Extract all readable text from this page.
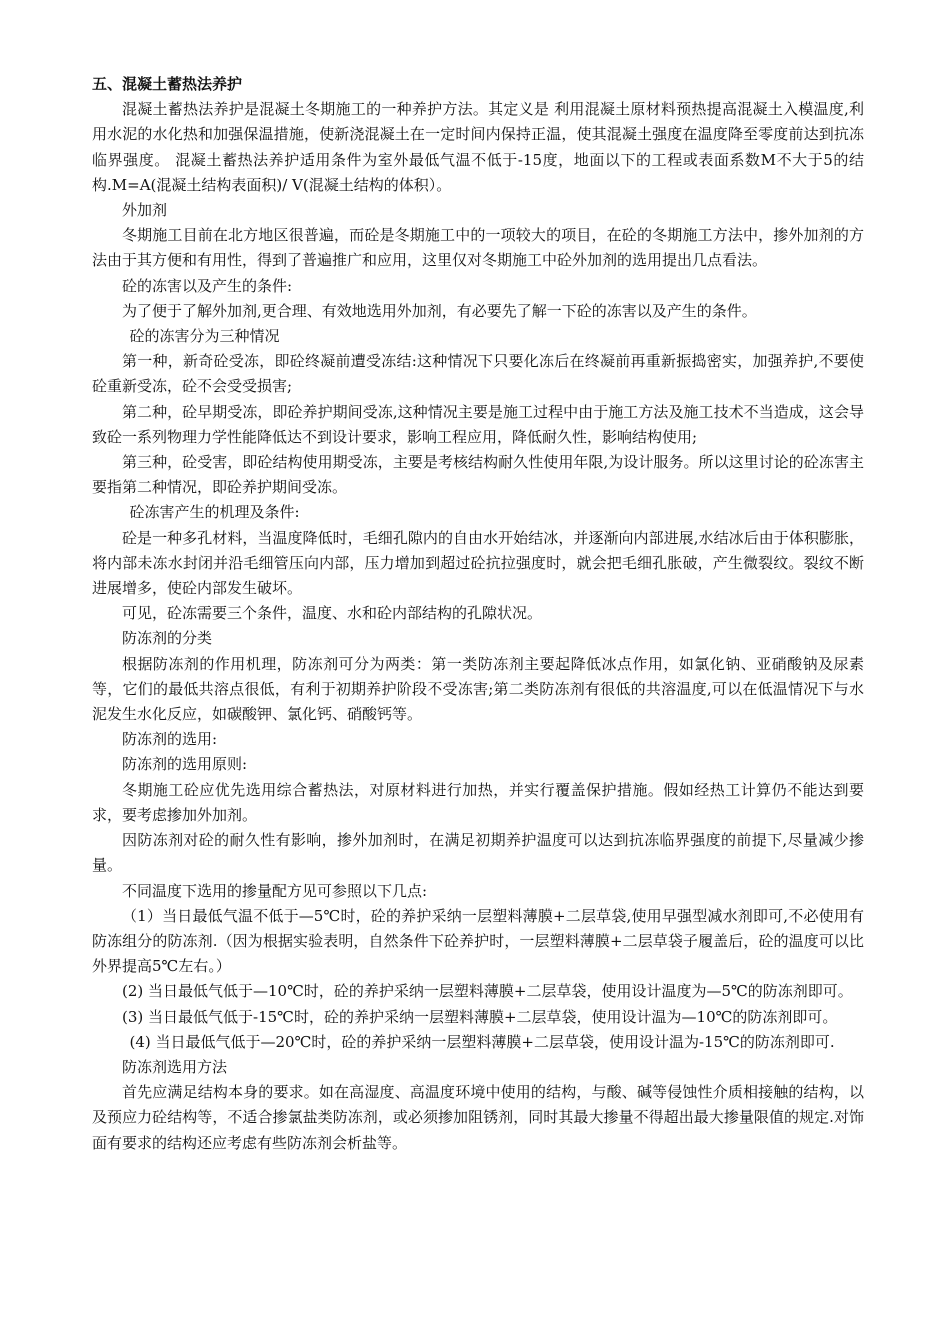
五、混凝土蓄热法养护

混凝土蓄热法养护是混凝土冬期施工的一种养护方法。其定义是 利用混凝土原材料预热提高混凝土入模温度,利用水泥的水化热和加强保温措施，使新浇混凝土在一定时间内保持正温，使其混凝土强度在温度降至零度前达到抗冻临界强度。 混凝土蓄热法养护适用条件为室外最低气温不低于-15度，地面以下的工程或表面系数M不大于5的结构.M=A(混凝土结构表面积)/ V(混凝土结构的体积）。

外加剂

冬期施工目前在北方地区很普遍，而砼是冬期施工中的一项较大的项目，在砼的冬期施工方法中，掺外加剂的方法由于其方便和有用性，得到了普遍推广和应用，这里仅对冬期施工中砼外加剂的选用提出几点看法。

砼的冻害以及产生的条件:

为了便于了解外加剂,更合理、有效地选用外加剂，有必要先了解一下砼的冻害以及产生的条件。

砼的冻害分为三种情况

第一种，新奇砼受冻，即砼终凝前遭受冻结:这种情况下只要化冻后在终凝前再重新振捣密实，加强养护,不要使砼重新受冻，砼不会受受损害;

第二种，砼早期受冻，即砼养护期间受冻,这种情况主要是施工过程中由于施工方法及施工技术不当造成，这会导致砼一系列物理力学性能降低达不到设计要求，影响工程应用，降低耐久性，影响结构使用;

第三种，砼受害，即砼结构使用期受冻，主要是考核结构耐久性使用年限,为设计服务。所以这里讨论的砼冻害主要指第二种情况，即砼养护期间受冻。

砼冻害产生的机理及条件:

砼是一种多孔材料，当温度降低时，毛细孔隙内的自由水开始结冰，并逐渐向内部进展,水结冰后由于体积膨胀，将内部未冻水封闭并沿毛细管压向内部，压力增加到超过砼抗拉强度时，就会把毛细孔胀破，产生微裂纹。裂纹不断进展增多，使砼内部发生破坏。

可见，砼冻需要三个条件，温度、水和砼内部结构的孔隙状况。

防冻剂的分类

根据防冻剂的作用机理，防冻剂可分为两类：第一类防冻剂主要起降低冰点作用，如氯化钠、亚硝酸钠及尿素等，它们的最低共溶点很低，有利于初期养护阶段不受冻害;第二类防冻剂有很低的共溶温度,可以在低温情况下与水泥发生水化反应，如碳酸钾、氯化钙、硝酸钙等。

防冻剂的选用:

防冻剂的选用原则:

冬期施工砼应优先选用综合蓄热法，对原材料进行加热，并实行覆盖保护措施。假如经热工计算仍不能达到要求，要考虑掺加外加剂。

因防冻剂对砼的耐久性有影响，掺外加剂时，在满足初期养护温度可以达到抗冻临界强度的前提下,尽量减少掺量。

不同温度下选用的掺量配方见可参照以下几点:

（1）当日最低气温不低于—5℃时，砼的养护采纳一层塑料薄膜+二层草袋,使用早强型减水剂即可,不必使用有防冻组分的防冻剂.（因为根据实验表明，自然条件下砼养护时，一层塑料薄膜+二层草袋子履盖后，砼的温度可以比外界提高5℃左右。）

(2) 当日最低气低于—10℃时，砼的养护采纳一层塑料薄膜+二层草袋，使用设计温度为—5℃的防冻剂即可。

(3) 当日最低气低于-15℃时，砼的养护采纳一层塑料薄膜+二层草袋，使用设计温为—10℃的防冻剂即可。

(4) 当日最低气低于—20℃时，砼的养护采纳一层塑料薄膜+二层草袋，使用设计温为-15℃的防冻剂即可.

防冻剂选用方法

首先应满足结构本身的要求。如在高湿度、高温度环境中使用的结构，与酸、碱等侵蚀性介质相接触的结构，以及预应力砼结构等，不适合掺氯盐类防冻剂，或必须掺加阻锈剂，同时其最大掺量不得超出最大掺量限值的规定.对饰面有要求的结构还应考虑有些防冻剂会析盐等。
